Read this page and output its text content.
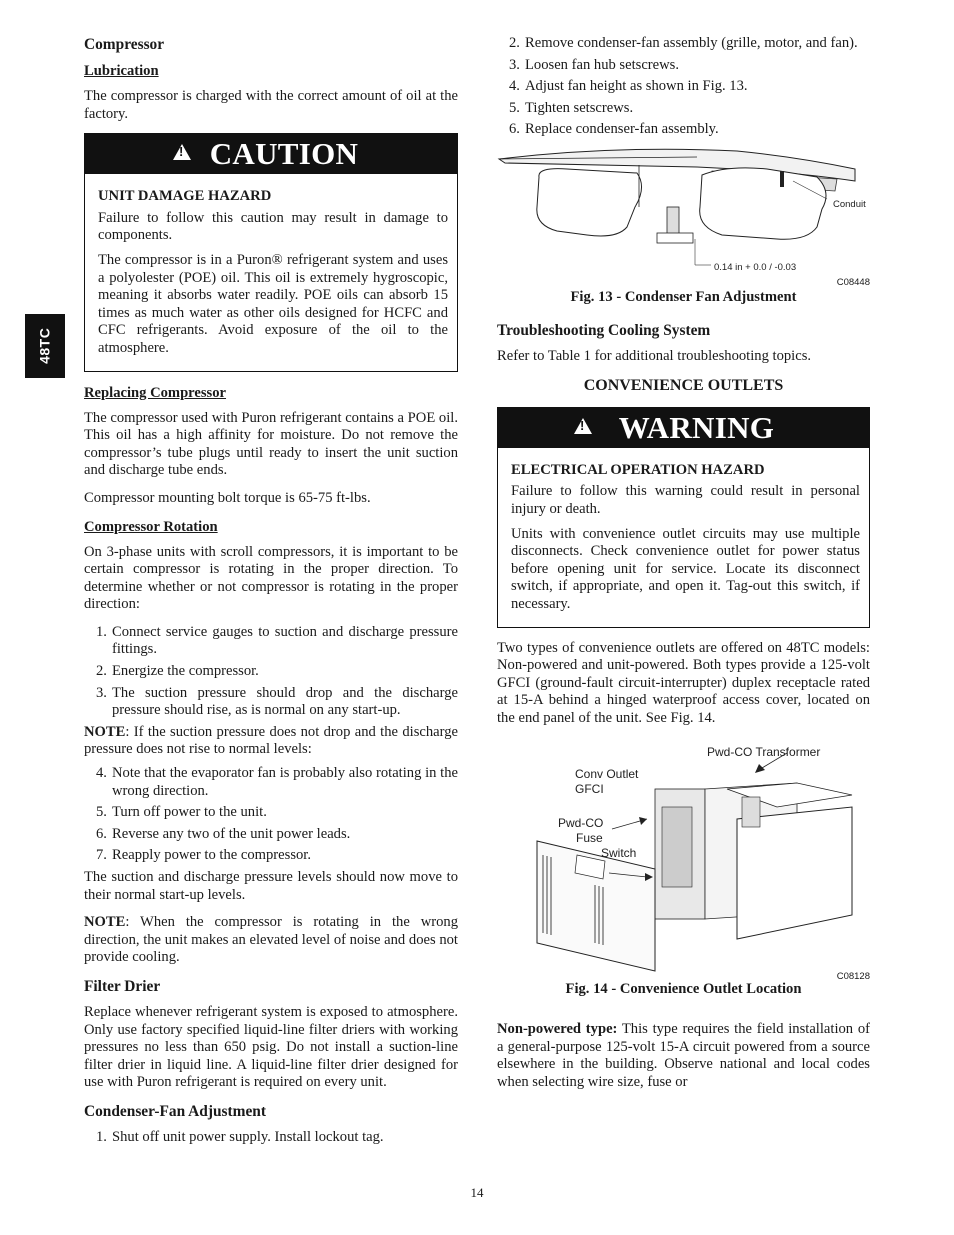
48TC
Compressor
Lubrication

The compressor is charged with the correct amount of oil at the factory.

!
CAUTION
UNIT DAMAGE HAZARD

Failure to follow this caution may result in damage to components.

The compressor is in a Puron® refrigerant system and uses a polyolester (POE) oil. This oil is extremely hygroscopic, meaning it absorbs water readily. POE oils can absorb 15 times as much water as other oils designed for HCFC and CFC refrigerants. Avoid exposure of the oil to the atmosphere.

Replacing Compressor

The compressor used with Puron refrigerant contains a POE oil. This oil has a high affinity for moisture. Do not remove the compressor’s tube plugs until ready to insert the unit suction and discharge tube ends.

Compressor mounting bolt torque is 65-75 ft-lbs.

Compressor Rotation

On 3-phase units with scroll compressors, it is important to be certain compressor is rotating in the proper direction. To determine whether or not compressor is rotating in the proper direction:

1. Connect service gauges to suction and discharge pressure fittings.
2. Energize the compressor.
3. The suction pressure should drop and the discharge pressure should rise, as is normal on any start-up.
NOTE: If the suction pressure does not drop and the discharge pressure does not rise to normal levels:
4. Note that the evaporator fan is probably also rotating in the wrong direction.
5. Turn off power to the unit.
6. Reverse any two of the unit power leads.
7. Reapply power to the compressor.

The suction and discharge pressure levels should now move to their normal start-up levels.

NOTE: When the compressor is rotating in the wrong direction, the unit makes an elevated level of noise and does not provide cooling.
Filter Drier

Replace whenever refrigerant system is exposed to atmosphere. Only use factory specified liquid-line filter driers with working pressures no less than 650 psig. Do not install a suction-line filter drier in liquid line. A liquid-line filter drier designed for use with Puron refrigerant is required on every unit.

Condenser-Fan Adjustment
1. Shut off unit power supply. Install lockout tag.
2. Remove condenser-fan assembly (grille, motor, and fan).
3. Loosen fan hub setscrews.
4. Adjust fan height as shown in Fig. 13.
5. Tighten setscrews.
6. Replace condenser-fan assembly.
Conduit
0.14 in + 0.0 / -0.03
C08448
Fig. 13 - Condenser Fan Adjustment
Troubleshooting Cooling System

Refer to Table 1 for additional troubleshooting topics.

CONVENIENCE OUTLETS
!
WARNING
ELECTRICAL OPERATION HAZARD

Failure to follow this warning could result in personal injury or death.

Units with convenience outlet circuits may use multiple disconnects. Check convenience outlet for power status before opening unit for service. Locate its disconnect switch, if appropriate, and open it. Tag-out this switch, if necessary.

Two types of convenience outlets are offered on 48TC models: Non-powered and unit-powered. Both types provide a 125-volt GFCI (ground-fault circuit-interrupter) duplex receptacle rated at 15-A behind a hinged waterproof access cover, located on the end panel of the unit. See Fig. 14.

Pwd-CO Transformer
Conv Outlet
GFCI
Pwd-CO
Fuse
Switch
C08128
Fig. 14 - Convenience Outlet Location

Non-powered type: This type requires the field installation of a general-purpose 125-volt 15-A circuit powered from a source elsewhere in the building. Observe national and local codes when selecting wire size, fuse or

14
